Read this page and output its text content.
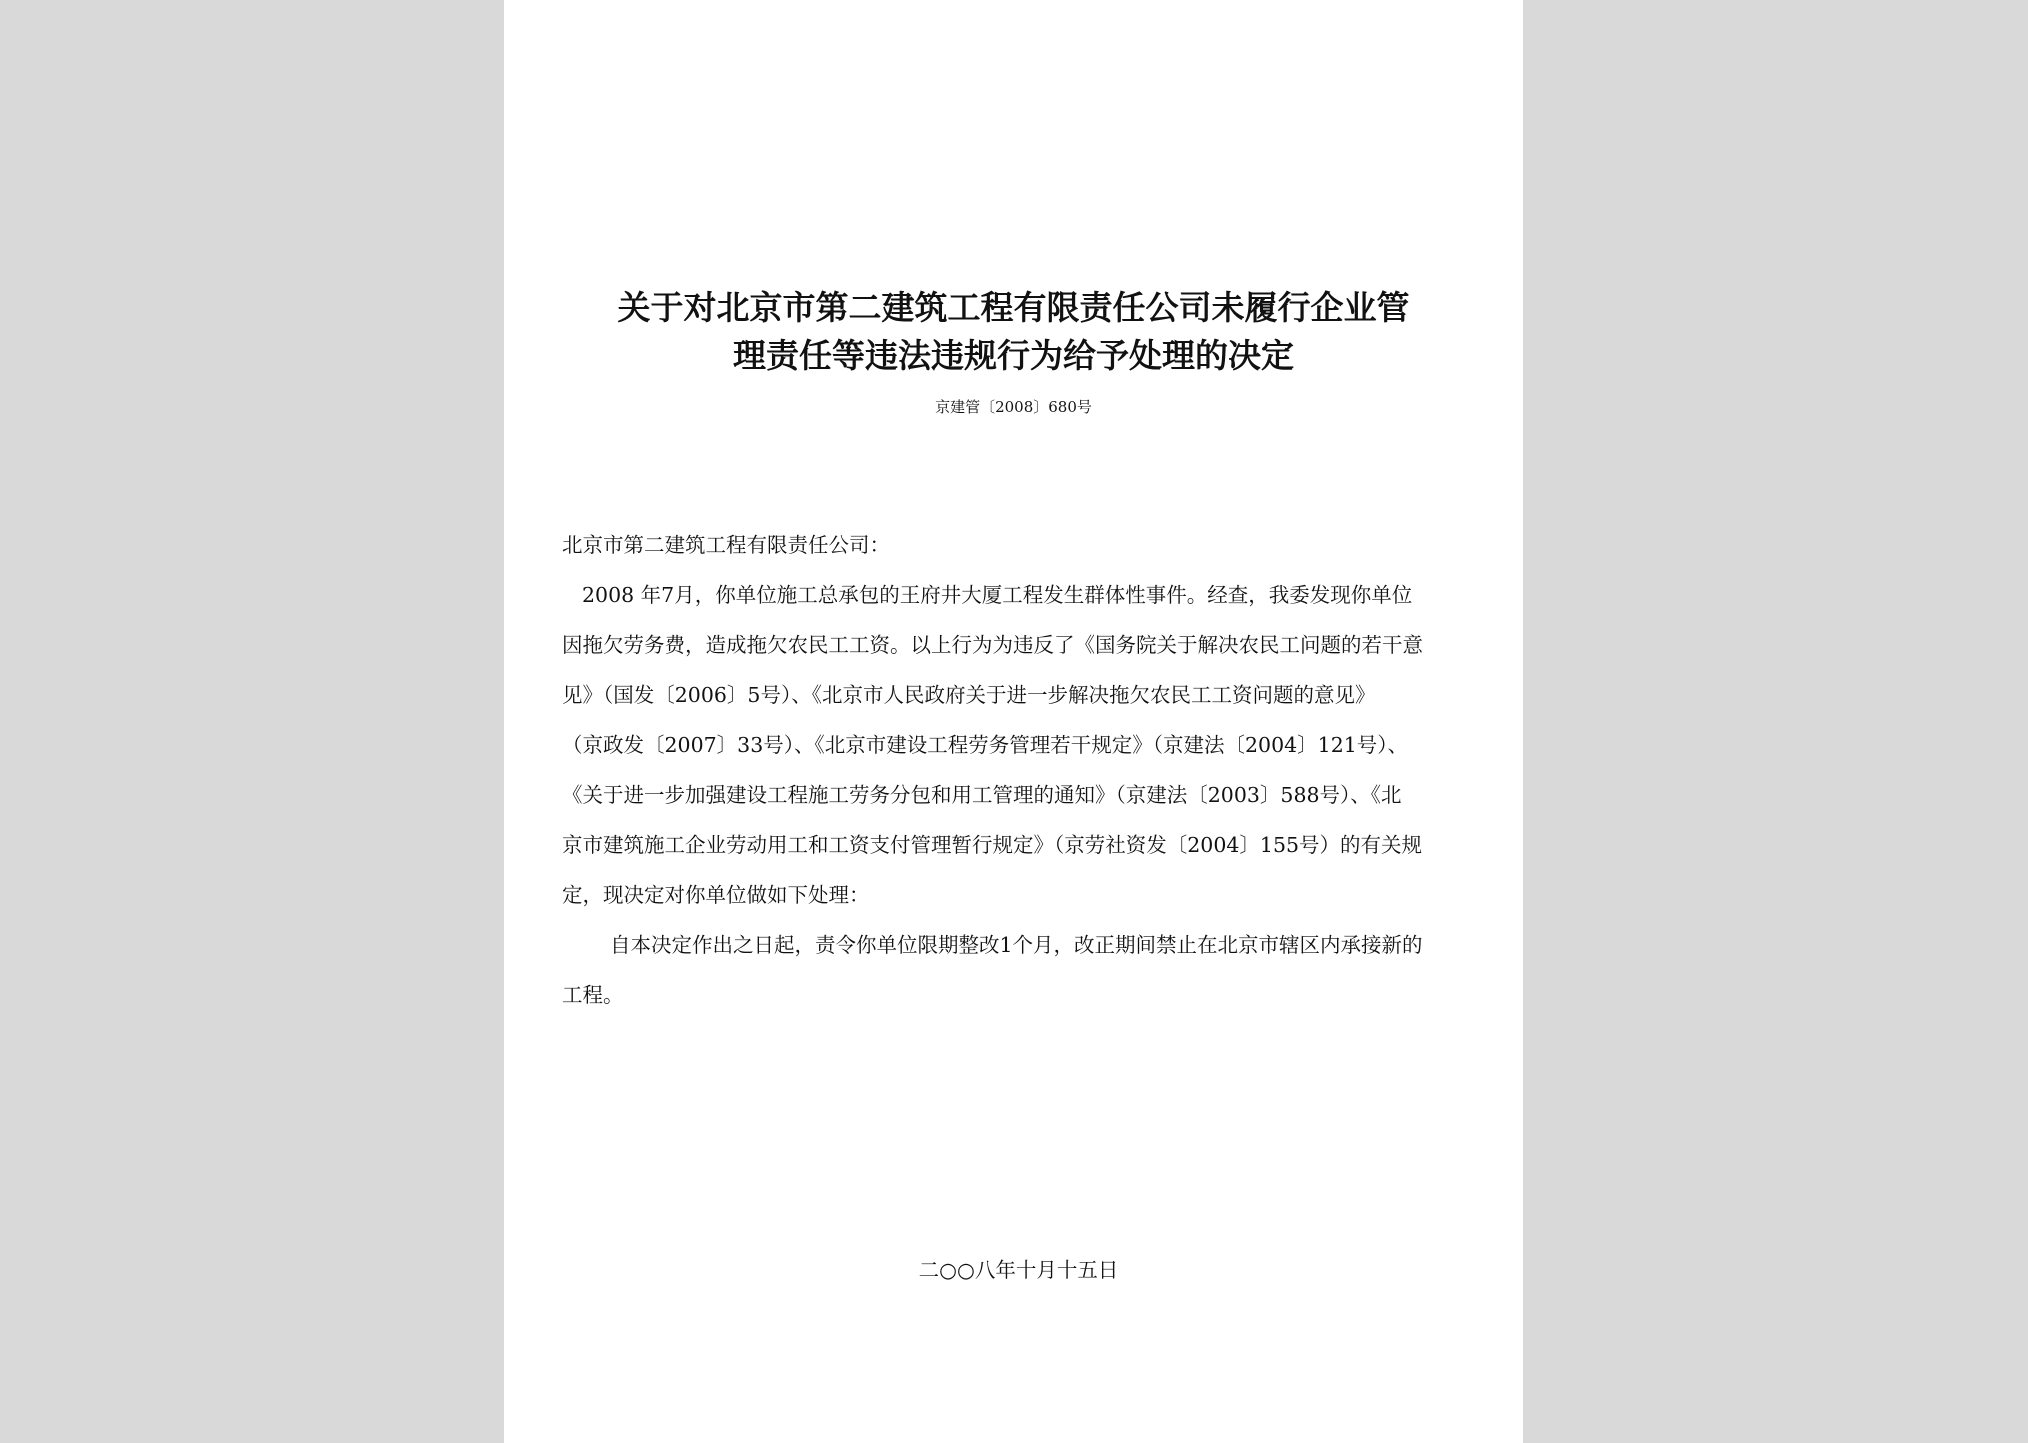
关于对北京市第二建筑工程有限责任公司未履行企业管
理责任等违法违规行为给予处理的决定
京建管〔2008〕680号

北京市第二建筑工程有限责任公司：

2008 年7月，你单位施工总承包的王府井大厦工程发生群体性事件。经查，我委发现你单位

因拖欠劳务费，造成拖欠农民工工资。以上行为为违反了《国务院关于解决农民工问题的若干意

见》（国发〔2006〕5号）、《北京市人民政府关于进一步解决拖欠农民工工资问题的意见》

（京政发〔2007〕33号）、《北京市建设工程劳务管理若干规定》（京建法〔2004〕121号）、

《关于进一步加强建设工程施工劳务分包和用工管理的通知》（京建法〔2003〕588号）、《北

京市建筑施工企业劳动用工和工资支付管理暂行规定》（京劳社资发〔2004〕155号）的有关规

定，现决定对你单位做如下处理：

自本决定作出之日起，责令你单位限期整改1个月，改正期间禁止在北京市辖区内承接新的

工程。

二○○八年十月十五日
